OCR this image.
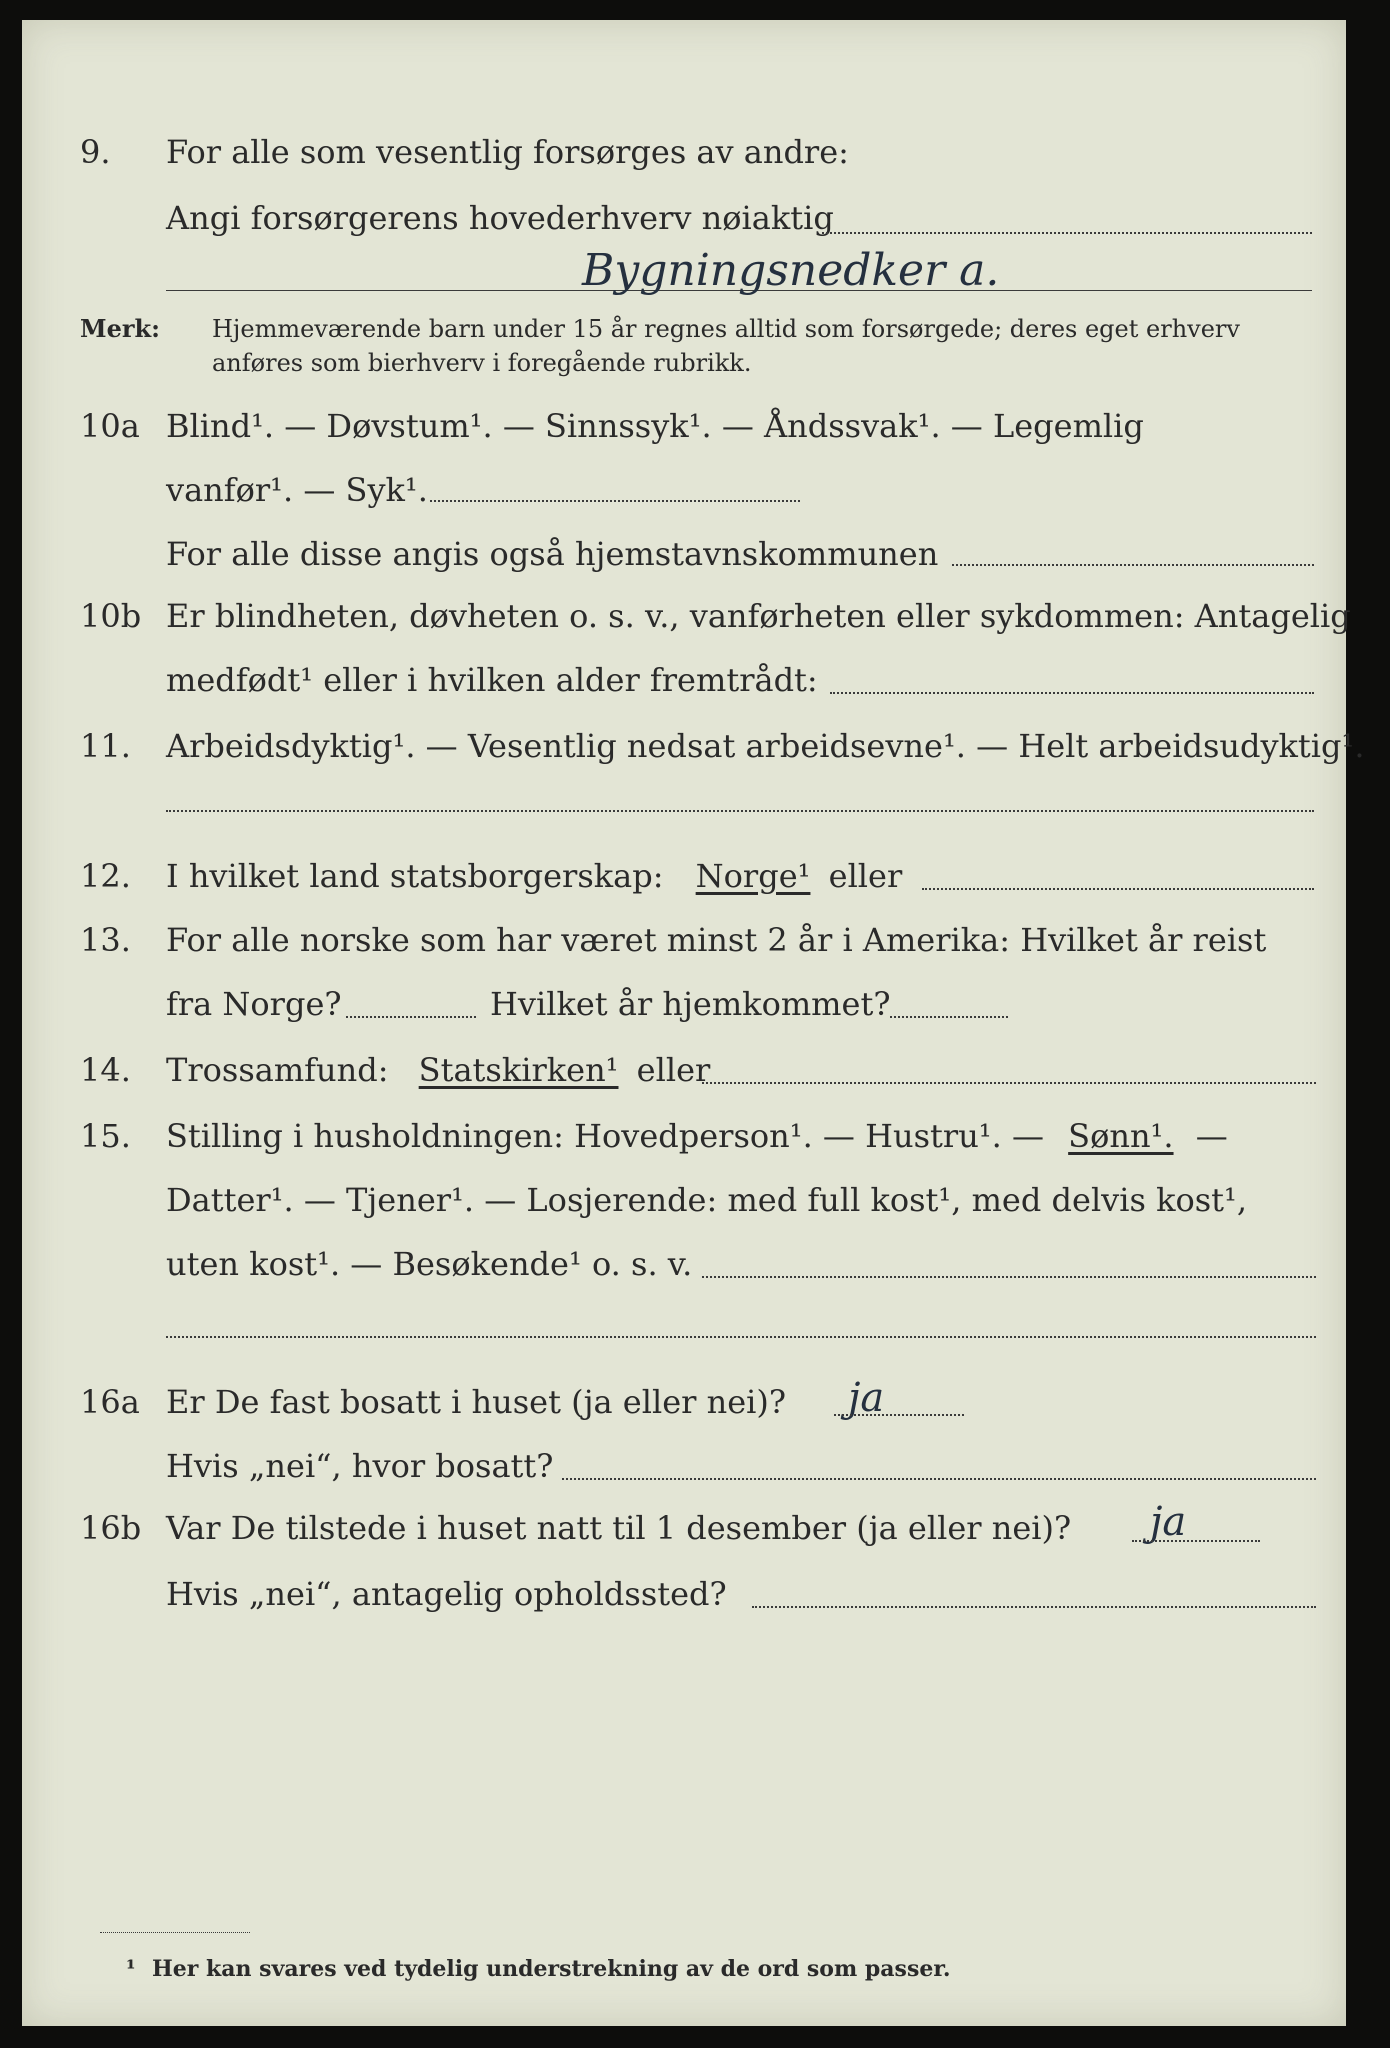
9. For alle som vesentlig forsørges av andre:
Angi forsørgerens hovederhverv nøiaktig
Bygningsnedker a.
Merk: Hjemmeværende barn under 15 år regnes alltid som forsørgede; deres eget erhverv
anføres som bierhverv i foregående rubrikk.
10a Blind¹. — Døvstum¹. — Sinnssyk¹. — Åndssvak¹. — Legemlig
vanfør¹. — Syk¹.
For alle disse angis også hjemstavnskommunen
10b Er blindheten, døvheten o. s. v., vanførheten eller sykdommen: Antagelig
medfødt¹ eller i hvilken alder fremtrådt:
11. Arbeidsdyktig¹. — Vesentlig nedsat arbeidsevne¹. — Helt arbeidsudyktig¹.
12. I hvilket land statsborgerskap: Norge¹ eller
13. For alle norske som har været minst 2 år i Amerika: Hvilket år reist
fra Norge?	Hvilket år hjemkommet?
14. Trossamfund: Statskirken¹ eller
15. Stilling i husholdningen: Hovedperson¹. — Hustru¹. — Sønn¹. —
Datter¹. — Tjener¹. — Losjerende: med full kost¹, med delvis kost¹,
uten kost¹. — Besøkende¹ o. s. v.
16a Er De fast bosatt i huset (ja eller nei)? ja
Hvis „nei“, hvor bosatt?
16b Var De tilstede i huset natt til 1 desember (ja eller nei)? ja
Hvis „nei“, antagelig opholdssted?
¹ Her kan svares ved tydelig understrekning av de ord som passer.
